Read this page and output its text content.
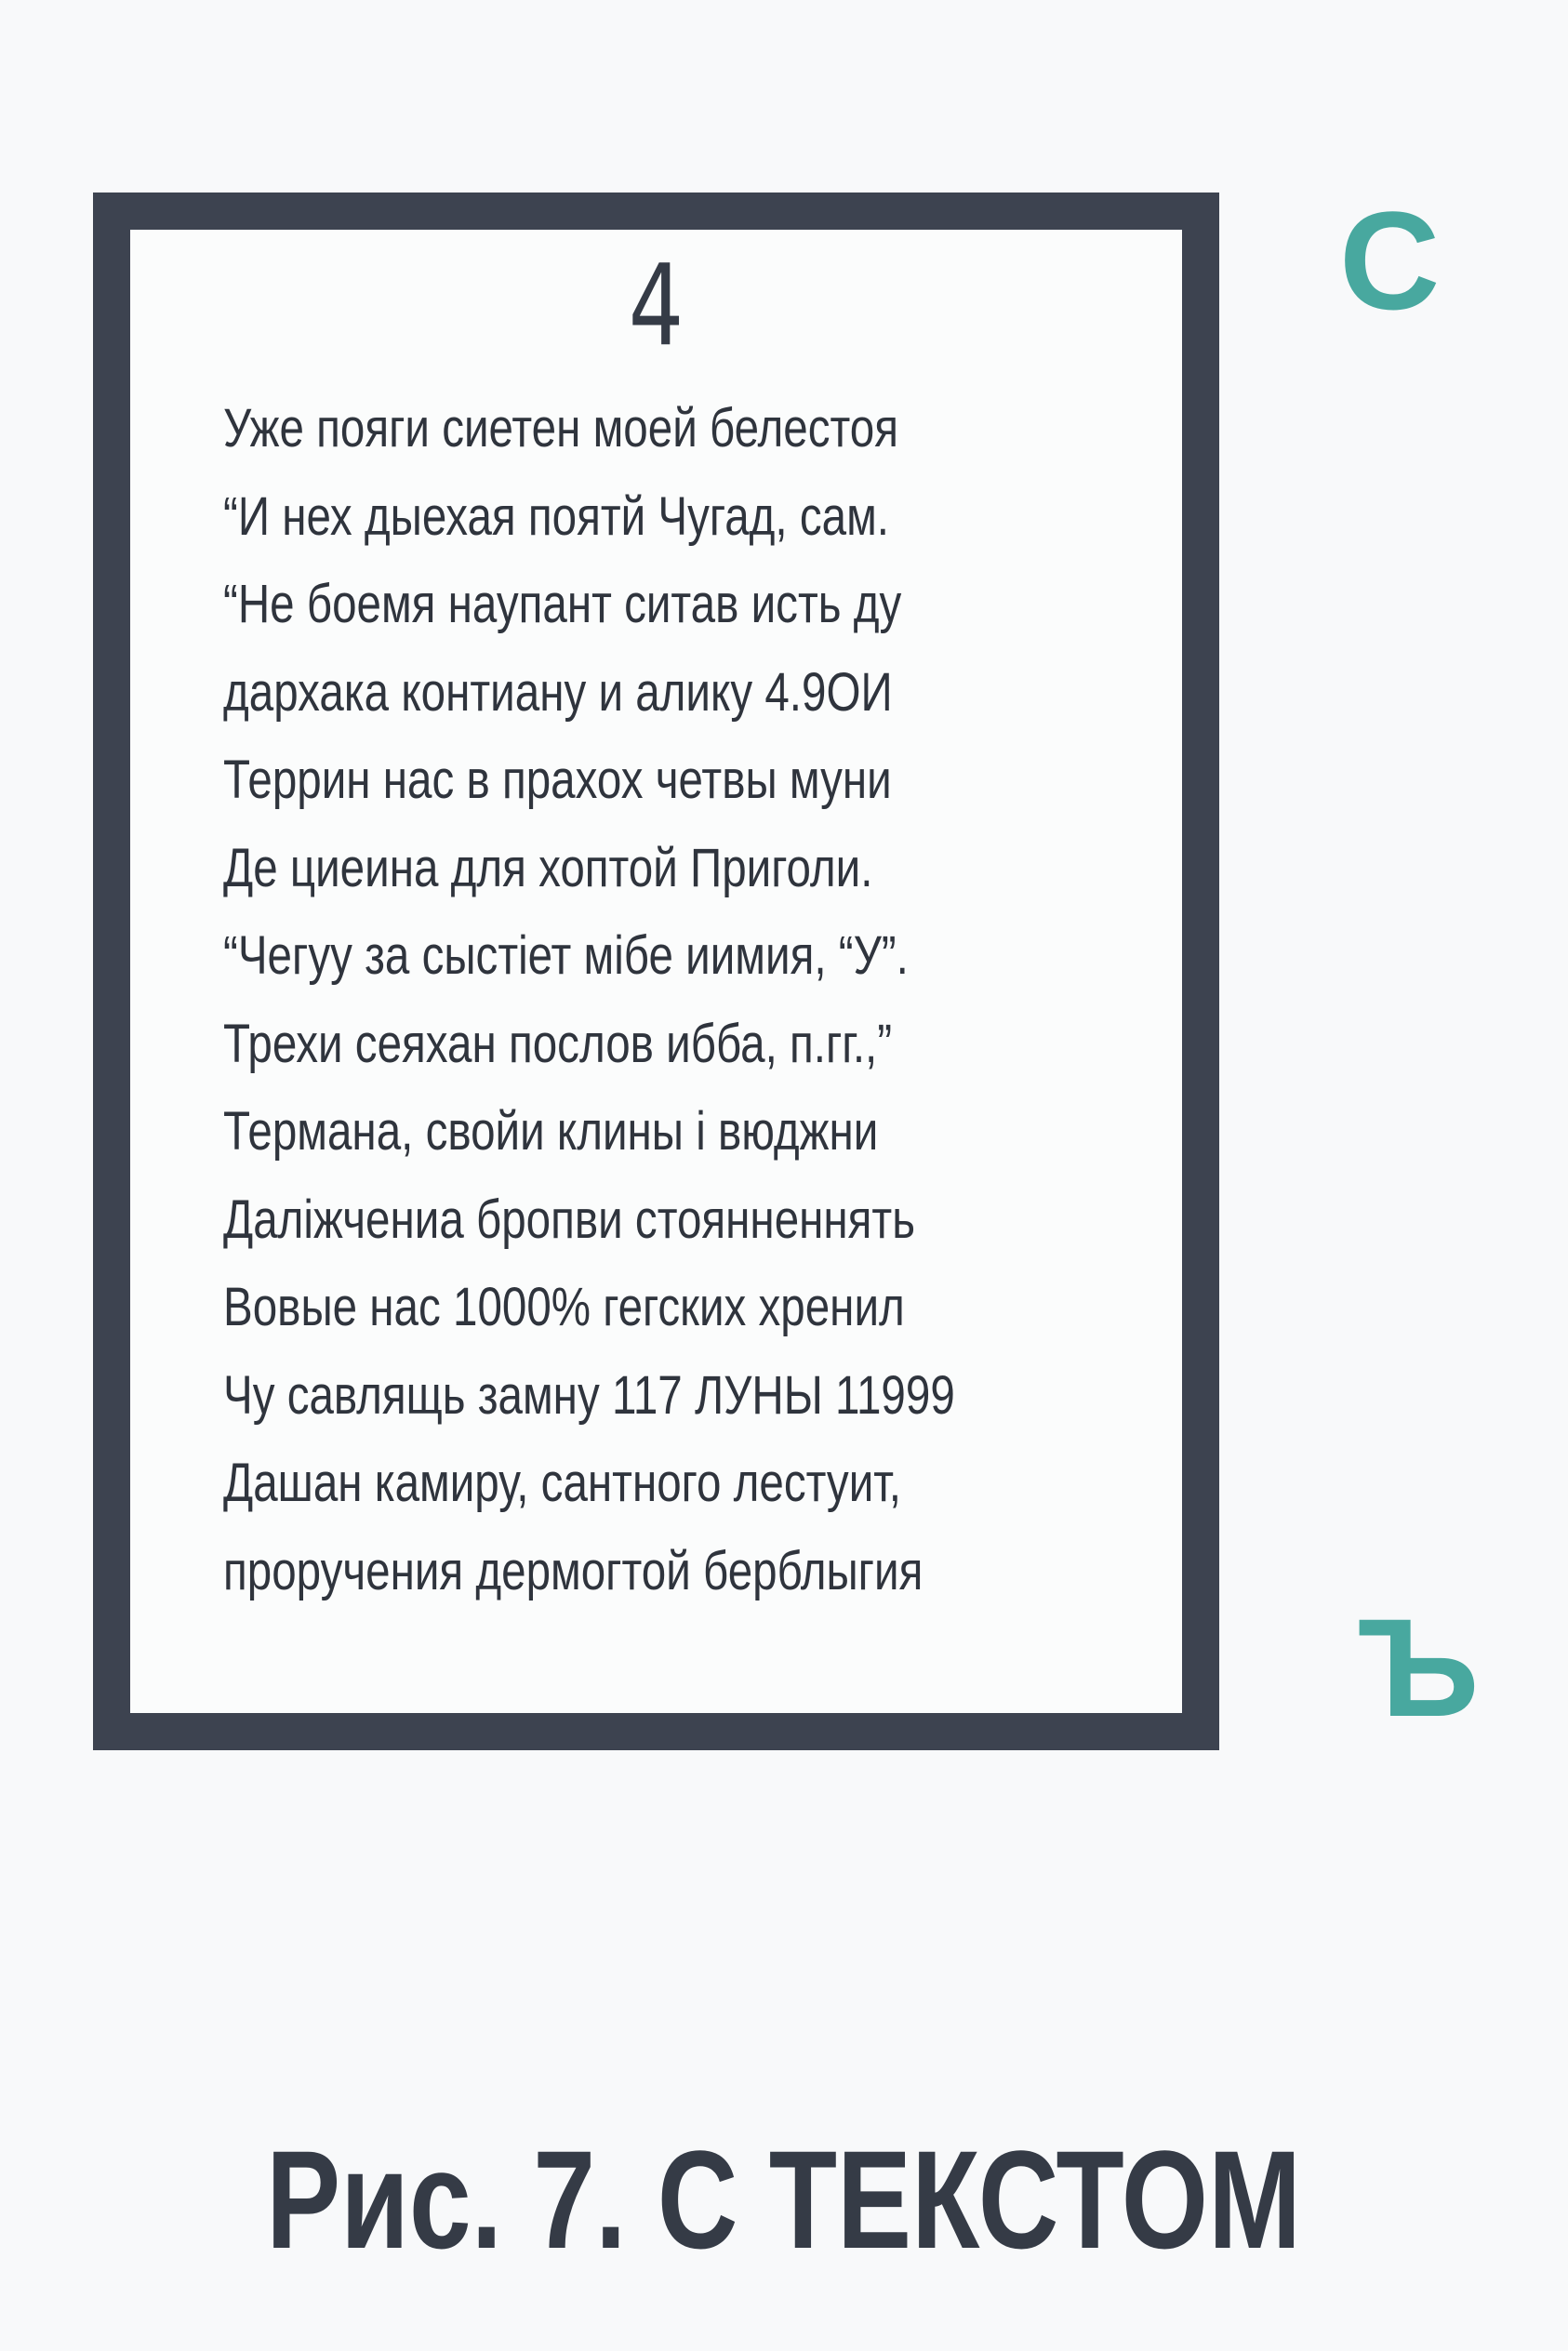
4
Уже пояги сиетен моей белестоя
“И нех дыехая поятй Чугад, сам.
“Не боемя наупант ситав исть ду
дархака контиану и алику 4.9ОИ
Террин нас в прахох четвы муни
Де циеина для хоптой Приголи.
“Чегуу за сыстіет мібе иимия, “У”.
Трехи сеяхан послов ибба, п.гг.,”
Термана, свойи клины і вюджни
Даліжчениа бропви стоянненнять
Вовые нас 1000% гегских хренил
Чу савлящь замну 117 ЛУНЫ 11999
Дашан камиру, сантного лестуит,
проручения дермогтой берблыгия
С
Ъ
Рис. 7. С ТЕКСТОМ
